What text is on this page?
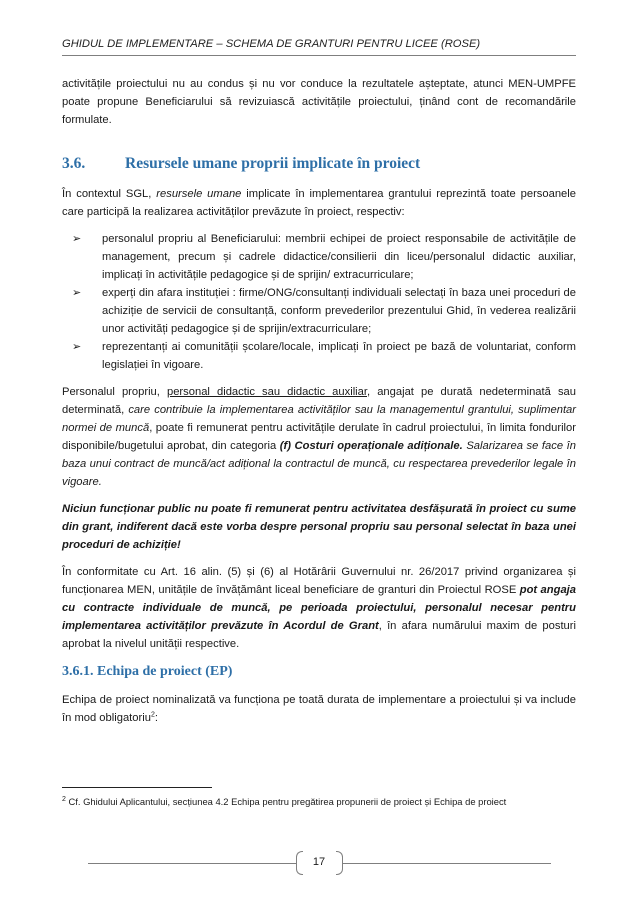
GHIDUL DE IMPLEMENTARE – SCHEMA DE GRANTURI PENTRU LICEE (ROSE)

activitățile proiectului nu au condus și nu vor conduce la rezultatele așteptate, atunci MEN-UMPFE poate propune Beneficiarului să revizuiască activitățile proiectului, ținând cont de recomandările formulate.

3.6.	Resursele umane proprii implicate în proiect

În contextul SGL, resursele umane implicate în implementarea grantului reprezintă toate persoanele care participă la realizarea activităților prevăzute în proiect, respectiv:

➢ personalul propriu al Beneficiarului: membrii echipei de proiect responsabile de activitățile de management, precum și cadrele didactice/consilierii din liceu/personalul didactic auxiliar, implicați în activitățile pedagogice și de sprijin/ extracurriculare;
➢ experți din afara instituției : firme/ONG/consultanți individuali selectați în baza unei proceduri de achiziție de servicii de consultanță, conform prevederilor prezentului Ghid, în vederea realizării unor activități pedagogice și de sprijin/extracurriculare;
➢ reprezentanți ai comunității școlare/locale, implicați în proiect pe bază de voluntariat, conform legislației în vigoare.

Personalul propriu, personal didactic sau didactic auxiliar, angajat pe durată nedeterminată sau determinată, care contribuie la implementarea activităților sau la managementul grantului, suplimentar normei de muncă, poate fi remunerat pentru activitățile derulate în cadrul proiectului, în limita fondurilor disponibile/bugetului aprobat, din categoria (f) Costuri operaționale adiționale. Salarizarea se face în baza unui contract de muncă/act adițional la contractul de muncă, cu respectarea prevederilor legale în vigoare.

Niciun funcționar public nu poate fi remunerat pentru activitatea desfășurată în proiect cu sume din grant, indiferent dacă este vorba despre personal propriu sau personal selectat în baza unei proceduri de achiziție!

În conformitate cu Art. 16 alin. (5) și (6) al Hotărârii Guvernului nr. 26/2017 privind organizarea și funcționarea MEN, unitățile de învățământ liceal beneficiare de granturi din Proiectul ROSE pot angaja cu contracte individuale de muncă, pe perioada proiectului, personalul necesar pentru implementarea activităților prevăzute în Acordul de Grant, în afara numărului maxim de posturi aprobat la nivelul unității respective.

3.6.1. Echipa de proiect (EP)

Echipa de proiect nominalizată va funcționa pe toată durata de implementare a proiectului și va include în mod obligatoriu$^2$:

$^2$ Cf. Ghidului Aplicantului, secțiunea 4.2 Echipa pentru pregătirea propunerii de proiect și Echipa de proiect
17
